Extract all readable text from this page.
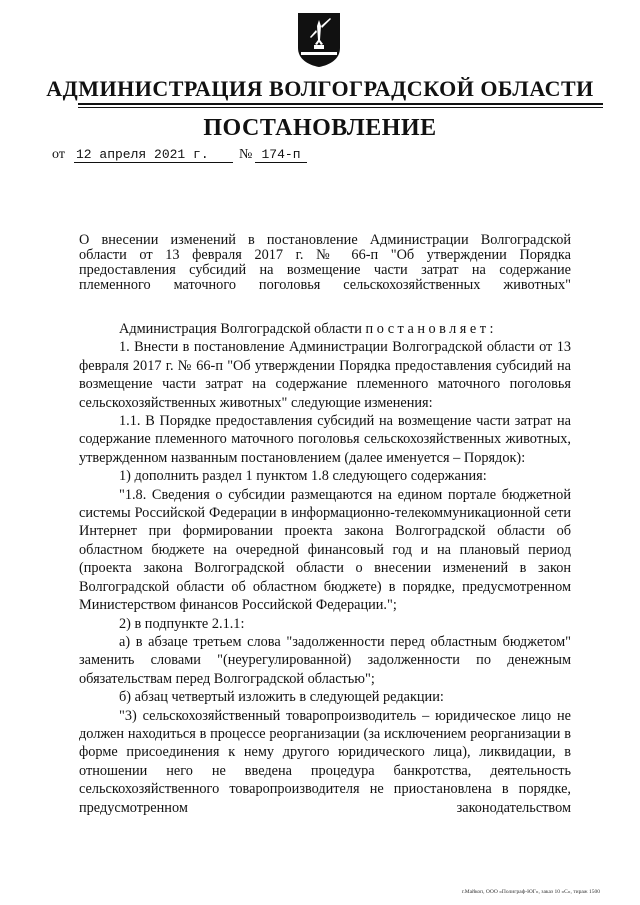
АДМИНИСТРАЦИЯ ВОЛГОГРАДСКОЙ ОБЛАСТИ
ПОСТАНОВЛЕНИЕ
от 12 апреля 2021 г.	№ 174-п
О внесении изменений в постановление Администрации Волгоградской области от 13 февраля 2017 г. № 66-п "Об утверждении Порядка предоставления субсидий на возмещение части затрат на содержание племенного маточного поголовья сельскохозяйственных животных"

Администрация Волгоградской области постановляет:

1. Внести в постановление Администрации Волгоградской области от 13 февраля 2017 г. № 66-п "Об утверждении Порядка предоставления субсидий на возмещение части затрат на содержание племенного маточного поголовья сельскохозяйственных животных" следующие изменения:

1.1. В Порядке предоставления субсидий на возмещение части затрат на содержание племенного маточного поголовья сельскохозяйственных животных, утвержденном названным постановлением (далее именуется – Порядок):

1) дополнить раздел 1 пунктом 1.8 следующего содержания:

"1.8. Сведения о субсидии размещаются на едином портале бюджетной системы Российской Федерации в информационно-телекоммуникационной сети Интернет при формировании проекта закона Волгоградской области об областном бюджете на очередной финансовый год и на плановый период (проекта закона Волгоградской области о внесении изменений в закон Волгоградской области об областном бюджете) в порядке, предусмотренном Министерством финансов Российской Федерации.";

2) в подпункте 2.1.1:

а) в абзаце третьем слова "задолженности перед областным бюджетом" заменить словами "(неурегулированной) задолженности по денежным обязательствам перед Волгоградской областью";

б) абзац четвертый изложить в следующей редакции:

"3) сельскохозяйственный товаропроизводитель – юридическое лицо не должен находиться в процессе реорганизации (за исключением реорганизации в форме присоединения к нему другого юридического лица), ликвидации, в отношении него не введена процедура банкротства, деятельность сельскохозяйственного товаропроизводителя не приостановлена в порядке, предусмотренном законодательством

г.Майкоп, ООО «Полиграф-ЮГ», заказ 10 «С», тираж 1500
